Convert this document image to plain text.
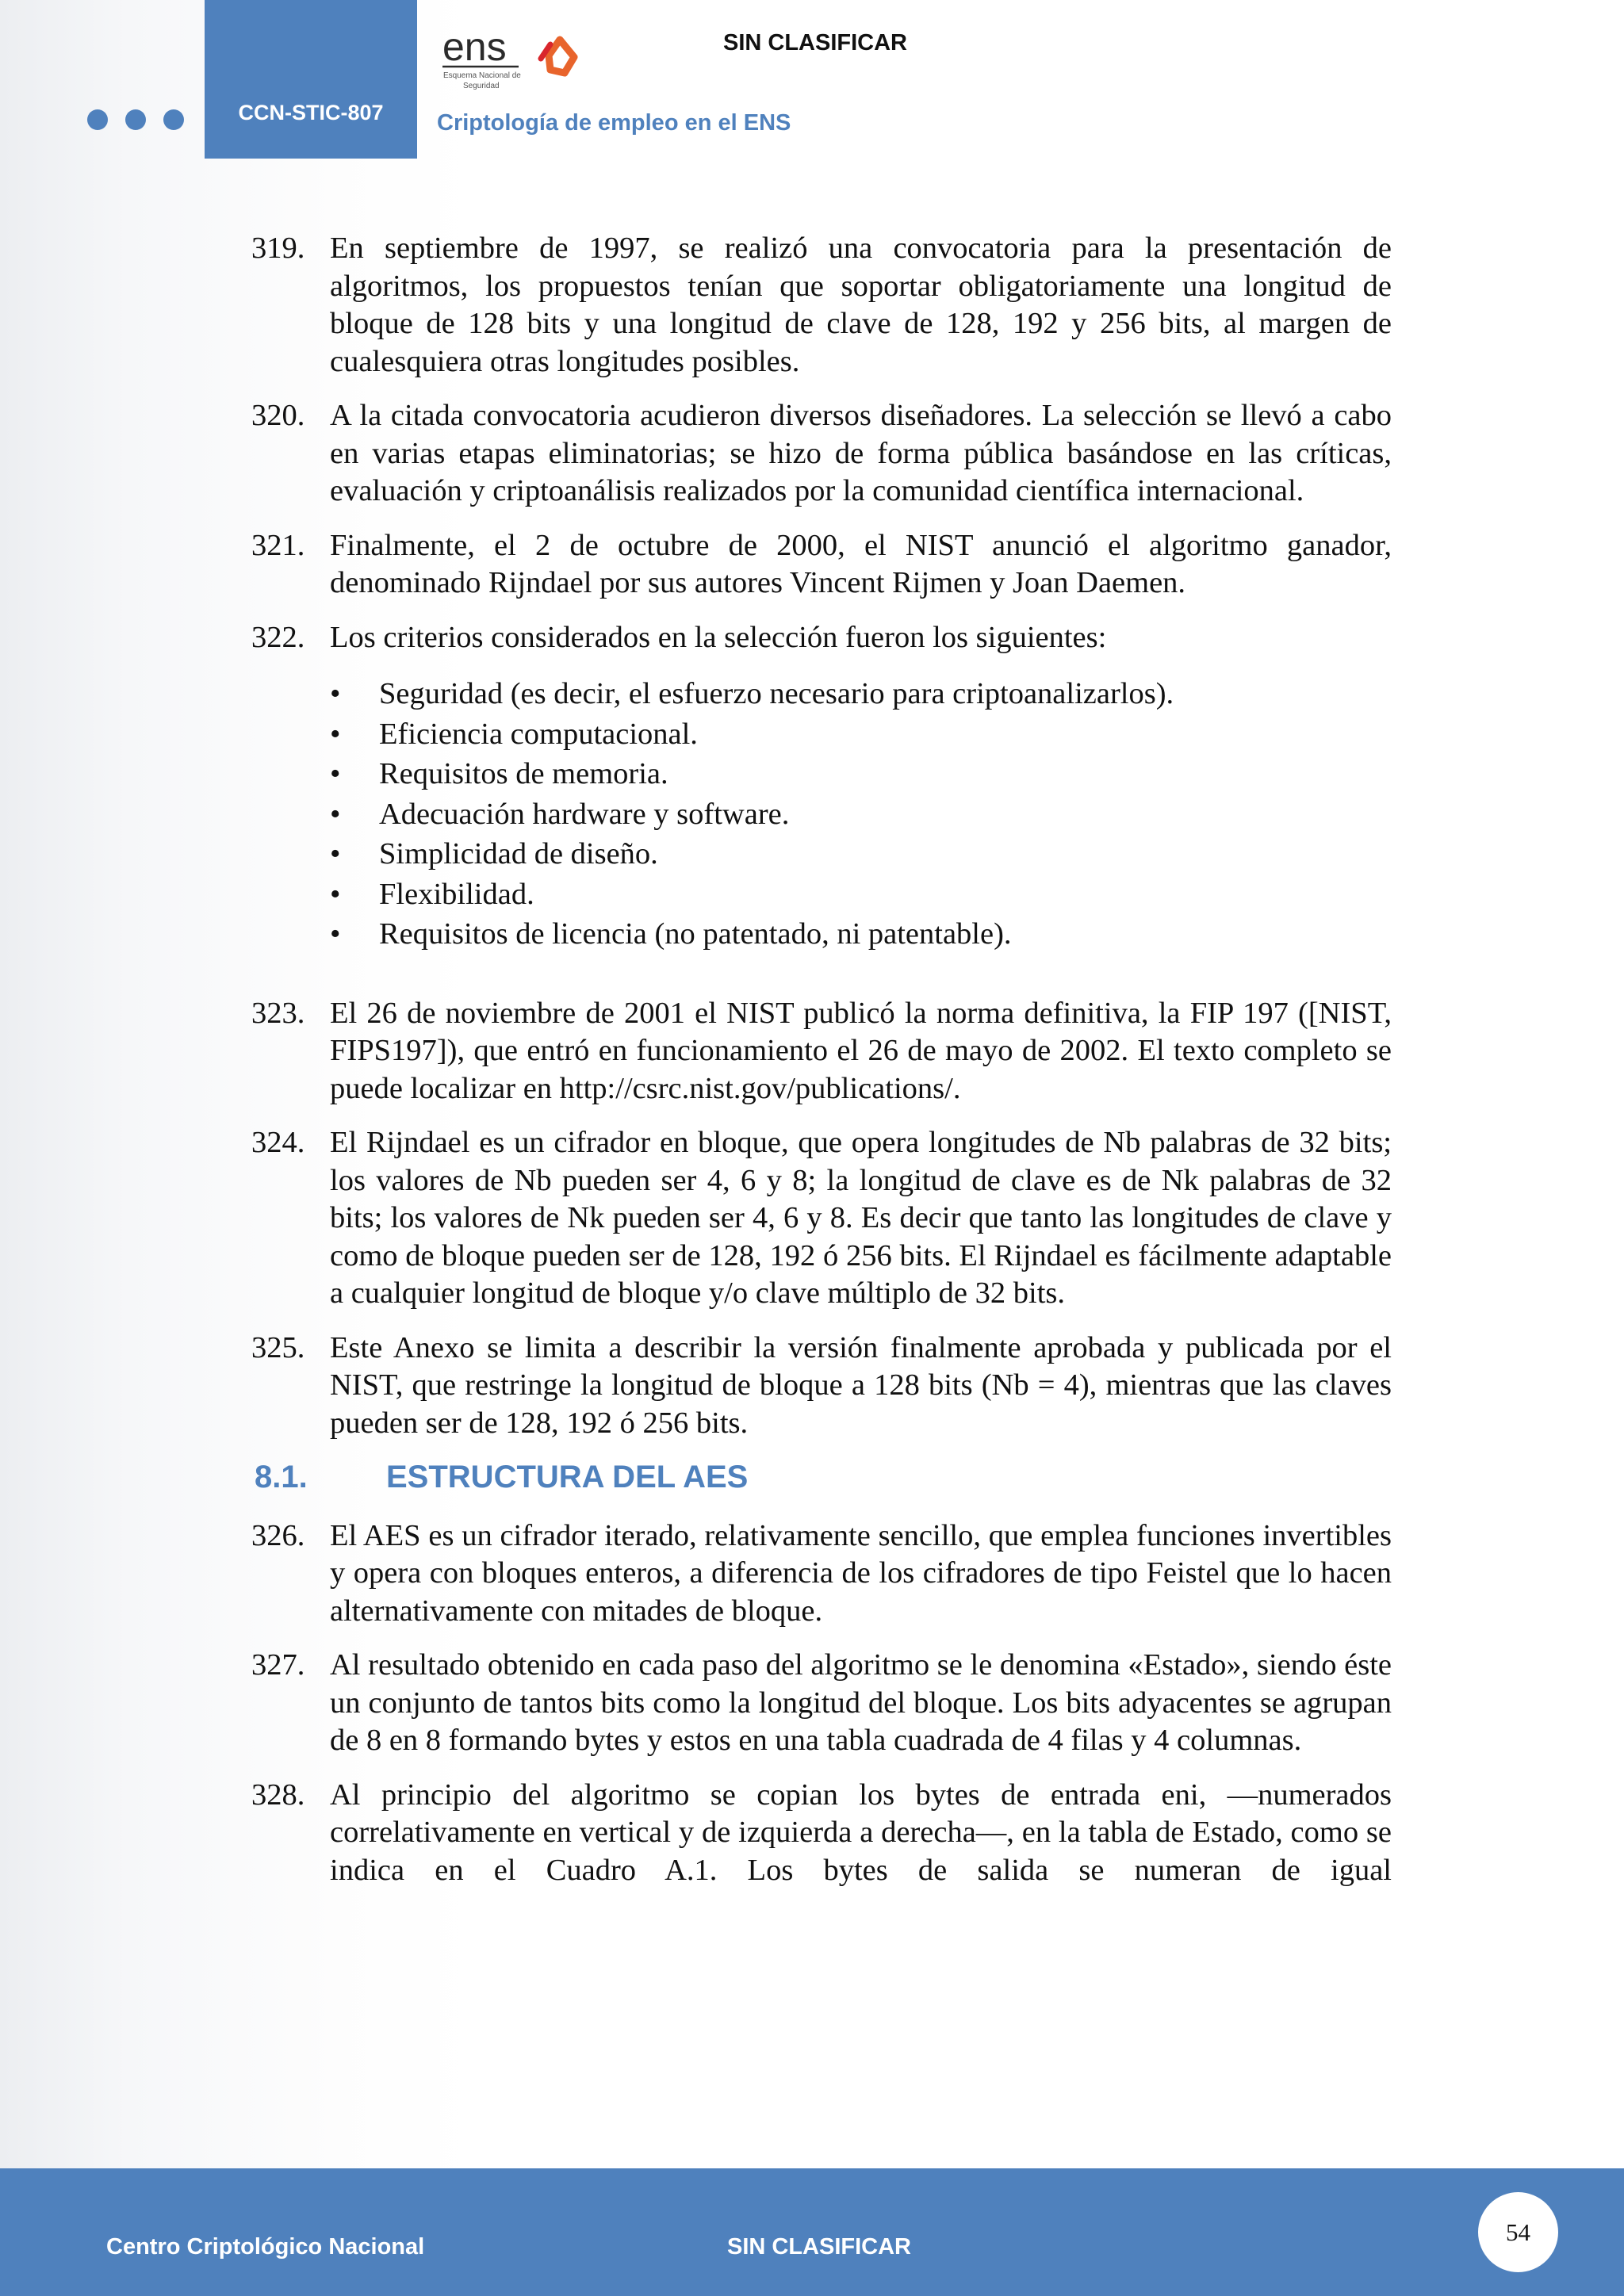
CCN-STIC-807
ens
Esquema Nacional de
Seguridad
SIN CLASIFICAR
Criptología de empleo en el ENS
319. En septiembre de 1997, se realizó una convocatoria para la presentación de algoritmos, los propuestos tenían que soportar obligatoriamente una longitud de bloque de 128 bits y una longitud de clave de 128, 192 y 256 bits, al margen de cualesquiera otras longitudes posibles.
320. A la citada convocatoria acudieron diversos diseñadores. La selección se llevó a cabo en varias etapas eliminatorias; se hizo de forma pública basándose en las críticas, evaluación y criptoanálisis realizados por la comunidad científica internacional.
321. Finalmente, el 2 de octubre de 2000, el NIST anunció el algoritmo ganador, denominado Rijndael por sus autores Vincent Rijmen y Joan Daemen.
322. Los criterios considerados en la selección fueron los siguientes:
•	Seguridad (es decir, el esfuerzo necesario para criptoanalizarlos).
•	Eficiencia computacional.
•	Requisitos de memoria.
•	Adecuación hardware y software.
•	Simplicidad de diseño.
•	Flexibilidad.
•	Requisitos de licencia (no patentado, ni patentable).
323. El 26 de noviembre de 2001 el NIST publicó la norma definitiva, la FIP 197 ([NIST, FIPS197]), que entró en funcionamiento el 26 de mayo de 2002. El texto completo se puede localizar en http://csrc.nist.gov/publications/.
324. El Rijndael es un cifrador en bloque, que opera longitudes de Nb palabras de 32 bits; los valores de Nb pueden ser 4, 6 y 8; la longitud de clave es de Nk palabras de 32 bits; los valores de Nk pueden ser 4, 6 y 8. Es decir que tanto las longitudes de clave y como de bloque pueden ser de 128, 192 ó 256 bits. El Rijndael es fácilmente adaptable a cualquier longitud de bloque y/o clave múltiplo de 32 bits.
325. Este Anexo se limita a describir la versión finalmente aprobada y publicada por el NIST, que restringe la longitud de bloque a 128 bits (Nb = 4), mientras que las claves pueden ser de 128, 192 ó 256 bits.
8.1.	ESTRUCTURA DEL AES
326. El AES es un cifrador iterado, relativamente sencillo, que emplea funciones invertibles y opera con bloques enteros, a diferencia de los cifradores de tipo Feistel que lo hacen alternativamente con mitades de bloque.
327. Al resultado obtenido en cada paso del algoritmo se le denomina «Estado», siendo éste un conjunto de tantos bits como la longitud del bloque. Los bits adyacentes se agrupan de 8 en 8 formando bytes y estos en una tabla cuadrada de 4 filas y 4 columnas.
328. Al principio del algoritmo se copian los bytes de entrada eni, —numerados correlativamente en vertical y de izquierda a derecha—, en la tabla de Estado, como se indica en el Cuadro A.1. Los bytes de salida se numeran de igual
Centro Criptológico Nacional	SIN CLASIFICAR
54
